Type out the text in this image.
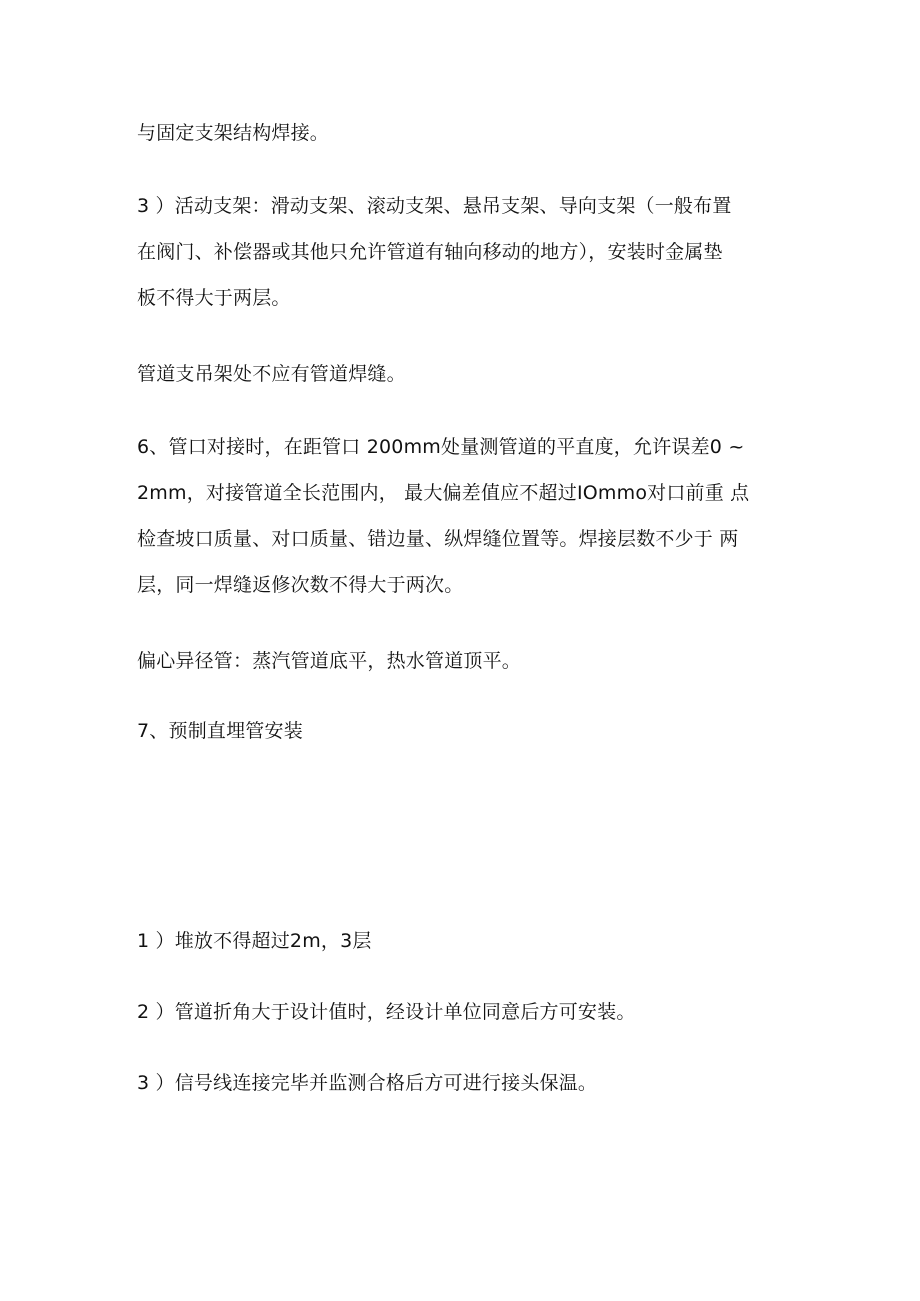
与固定支架结构焊接。

3 ）活动支架：滑动支架、滚动支架、悬吊支架、导向支架（一般布置
在阀门、补偿器或其他只允许管道有轴向移动的地方），安装时金属垫
板不得大于两层。

管道支吊架处不应有管道焊缝。

6、管口对接时，在距管口 200mm处量测管道的平直度，允许误差0 ~
2mm，对接管道全长范围内， 最大偏差值应不超过IOmmo对口前重 点
检查坡口质量、对口质量、错边量、纵焊缝位置等。焊接层数不少于 两
层，同一焊缝返修次数不得大于两次。

偏心异径管：蒸汽管道底平，热水管道顶平。

7、预制直埋管安装

1 ）堆放不得超过2m，3层

2 ）管道折角大于设计值时，经设计单位同意后方可安装。

3 ）信号线连接完毕并监测合格后方可进行接头保温。
